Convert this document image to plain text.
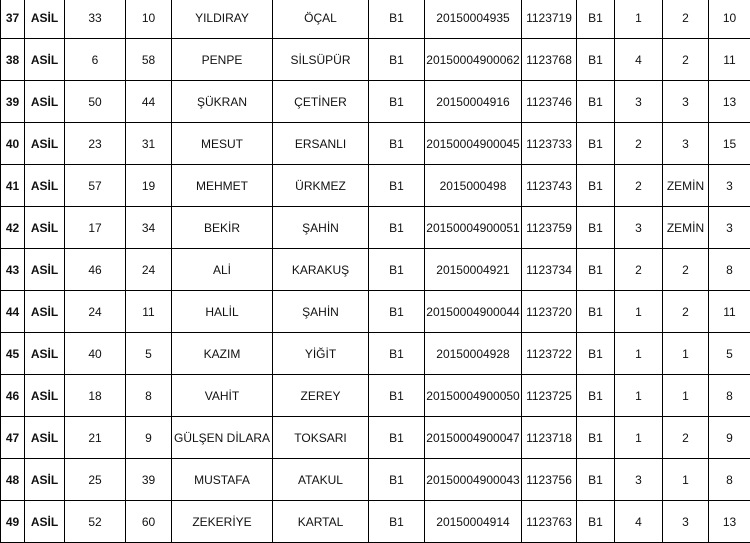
37	ASİL	33	10	YILDIRAY	ÖÇAL	B1	20150004935	1123719	B1	1	2	10
38	ASİL	6	58	PENPE	SİLSÜPÜR	B1	20150004900062	1123768	B1	4	2	11
39	ASİL	50	44	ŞÜKRAN	ÇETİNER	B1	20150004916	1123746	B1	3	3	13
40	ASİL	23	31	MESUT	ERSANLI	B1	20150004900045	1123733	B1	2	3	15
41	ASİL	57	19	MEHMET	ÜRKMEZ	B1	2015000498	1123743	B1	2	ZEMİN	3
42	ASİL	17	34	BEKİR	ŞAHİN	B1	20150004900051	1123759	B1	3	ZEMİN	3
43	ASİL	46	24	ALİ	KARAKUŞ	B1	20150004921	1123734	B1	2	2	8
44	ASİL	24	11	HALİL	ŞAHİN	B1	20150004900044	1123720	B1	1	2	11
45	ASİL	40	5	KAZIM	YİĞİT	B1	20150004928	1123722	B1	1	1	5
46	ASİL	18	8	VAHİT	ZEREY	B1	20150004900050	1123725	B1	1	1	8
47	ASİL	21	9	GÜLŞEN DİLARA	TOKSARI	B1	20150004900047	1123718	B1	1	2	9
48	ASİL	25	39	MUSTAFA	ATAKUL	B1	20150004900043	1123756	B1	3	1	8
49	ASİL	52	60	ZEKERİYE	KARTAL	B1	20150004914	1123763	B1	4	3	13
